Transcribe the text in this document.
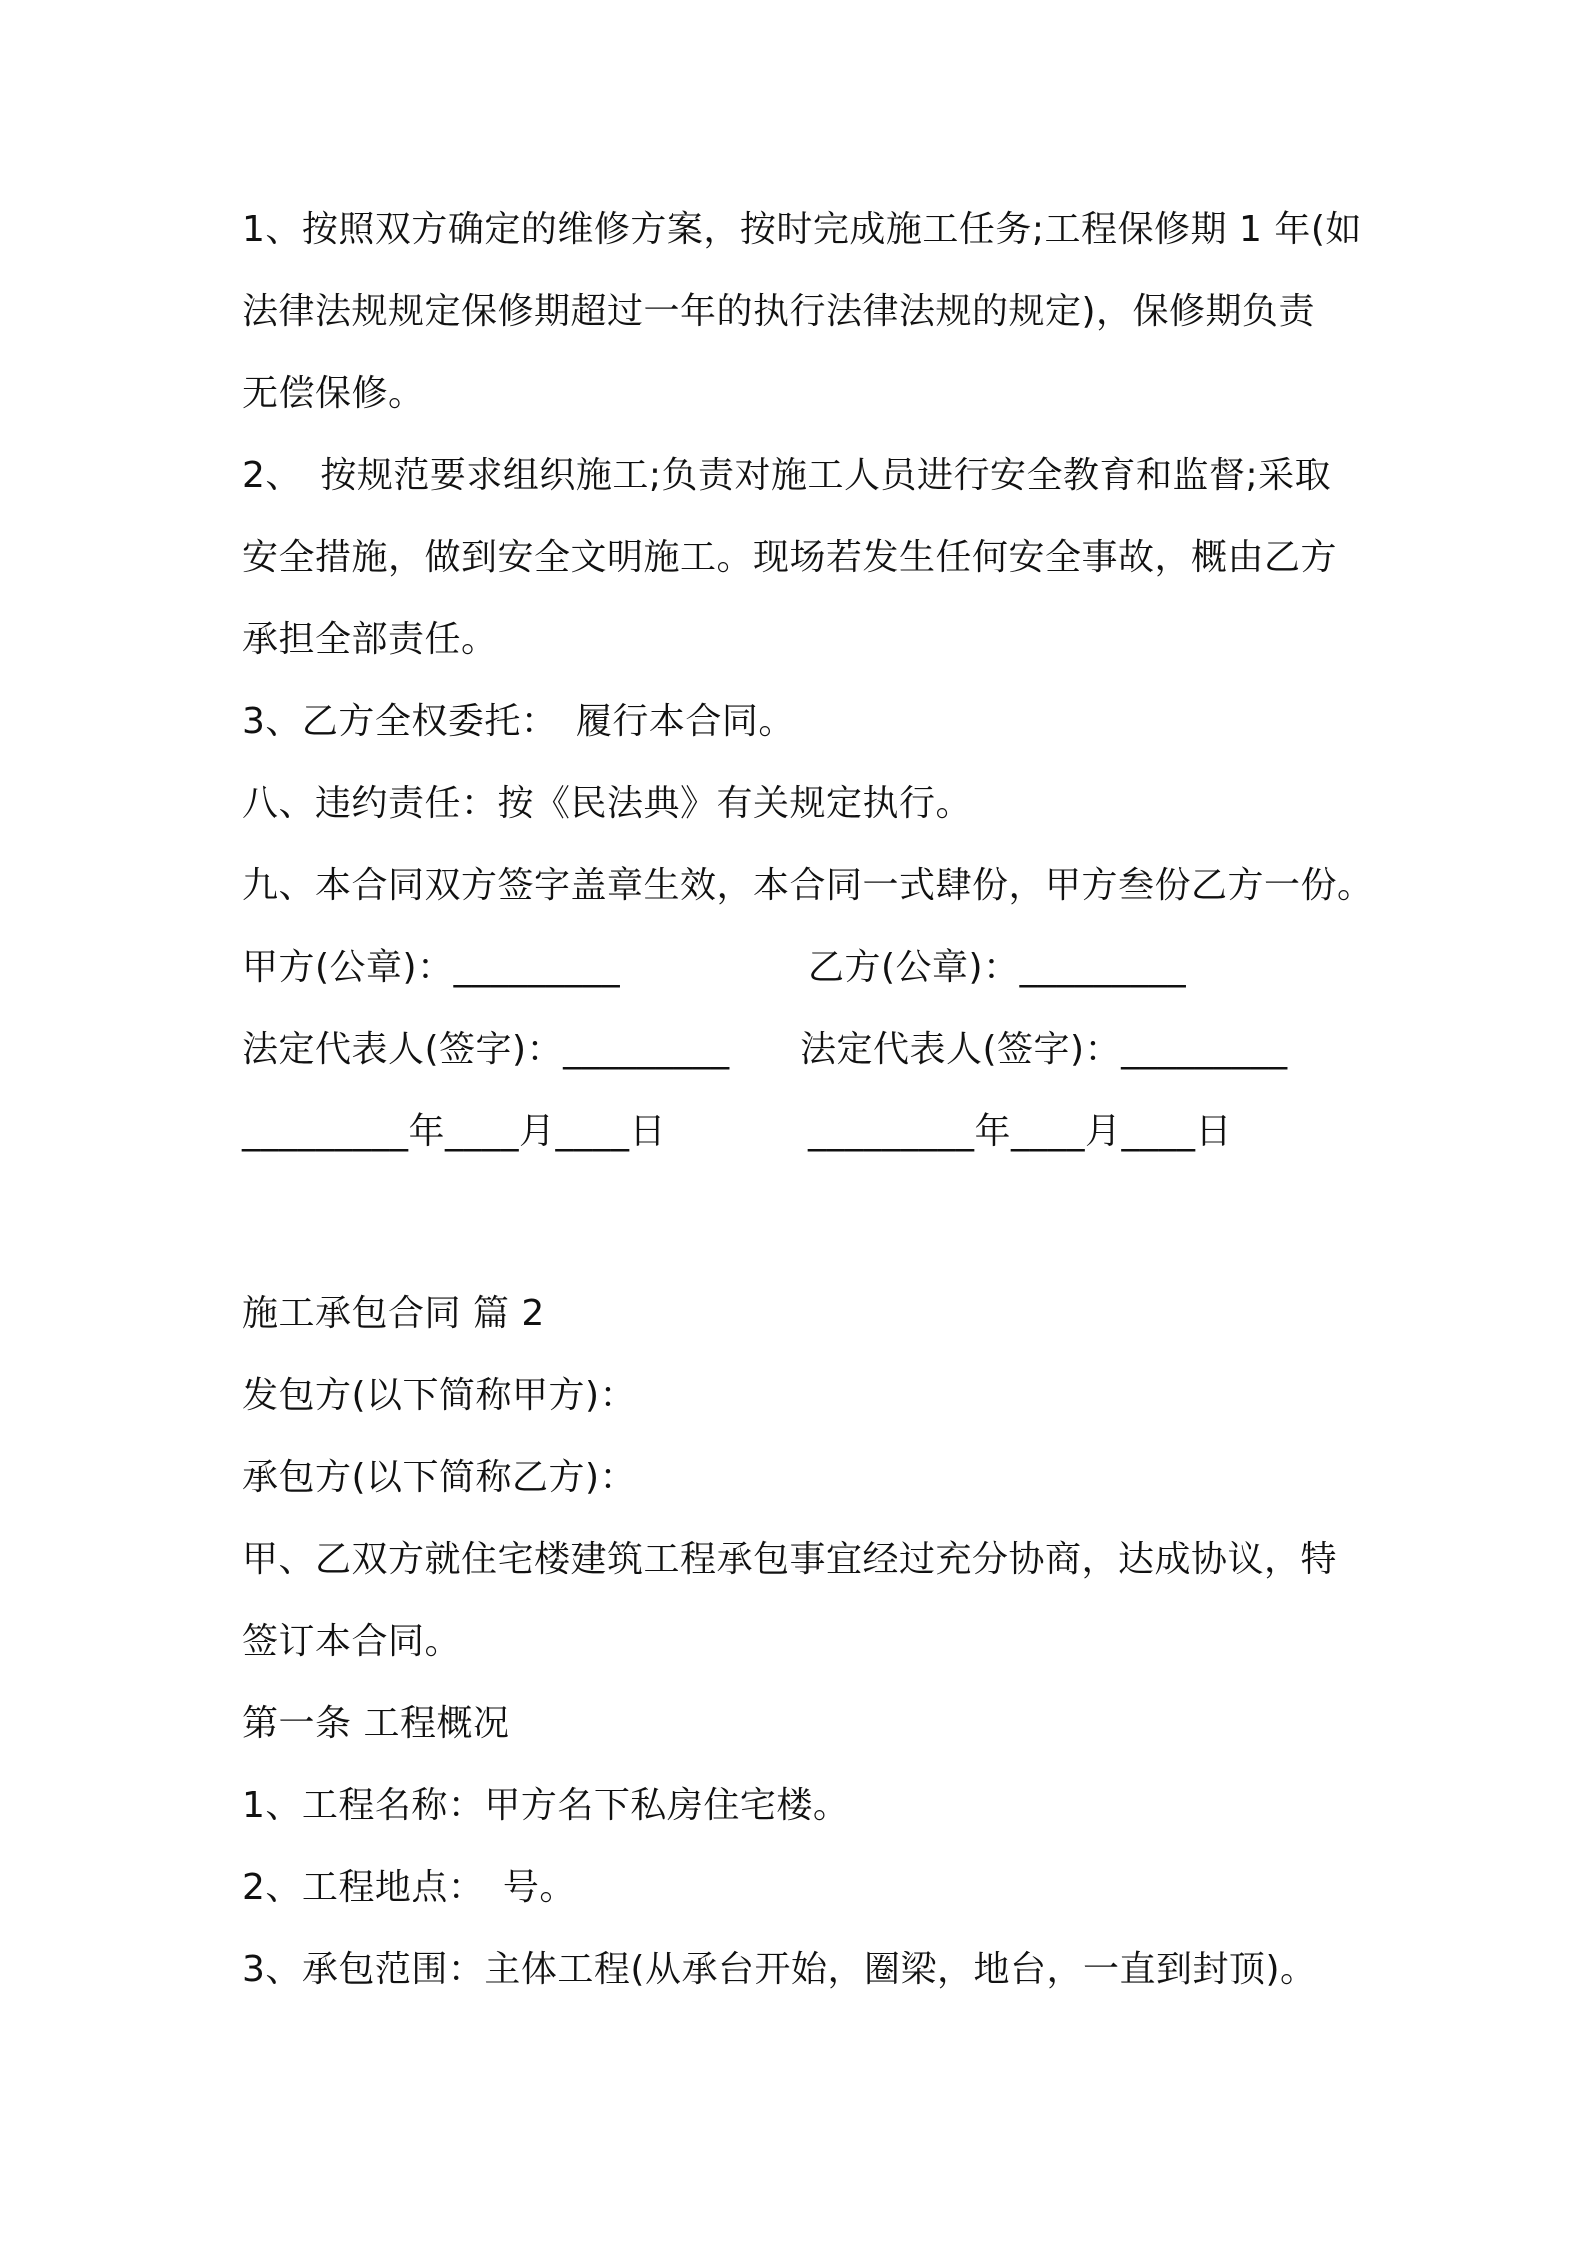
1、按照双方确定的维修方案，按时完成施工任务;工程保修期 1 年(如
法律法规规定保修期超过一年的执行法律法规的规定)，保修期负责
无偿保修。
2、　按规范要求组织施工;负责对施工人员进行安全教育和监督;采取
安全措施，做到安全文明施工。现场若发生任何安全事故，概由乙方
承担全部责任。
3、乙方全权委托：　履行本合同。
八、违约责任：按《民法典》有关规定执行。
九、本合同双方签字盖章生效，本合同一式肆份，甲方叁份乙方一份。
甲方(公章)：_________	乙方(公章)：_________
法定代表人(签字)：_________ 法定代表人(签字)：_________
_________年____月____日	_________年____月____日
施工承包合同 篇 2
发包方(以下简称甲方)：
承包方(以下简称乙方)：
甲、乙双方就住宅楼建筑工程承包事宜经过充分协商，达成协议，特
签订本合同。
第一条 工程概况
1、工程名称：甲方名下私房住宅楼。
2、工程地点：　号。
3、承包范围：主体工程(从承台开始，圈梁，地台，一直到封顶)。
